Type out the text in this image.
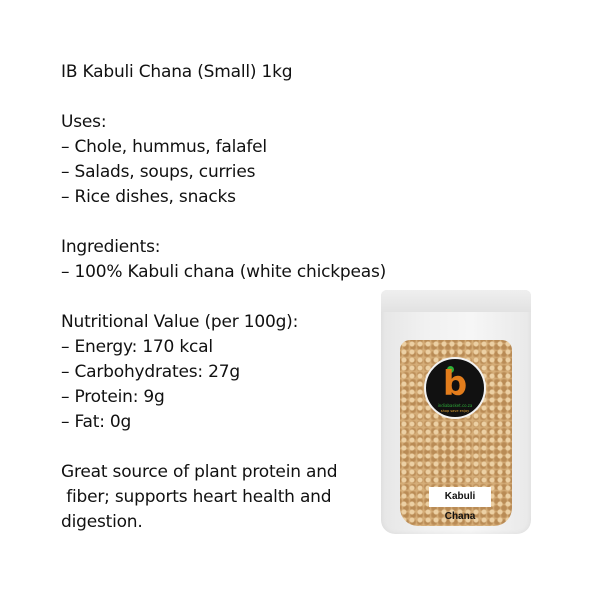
IB Kabuli Chana (Small) 1kg
Uses:
– Chole, hummus, falafel
– Salads, soups, curries
– Rice dishes, snacks
Ingredients:
– 100% Kabuli chana (white chickpeas)
Nutritional Value (per 100g):
– Energy: 170 kcal
– Carbohydrates: 27g
– Protein: 9g
– Fat: 0g
Great source of plant protein and
fiber; supports heart health and
digestion.
b
indiabasket.co.za
shop save enjoy
Kabuli Chana
